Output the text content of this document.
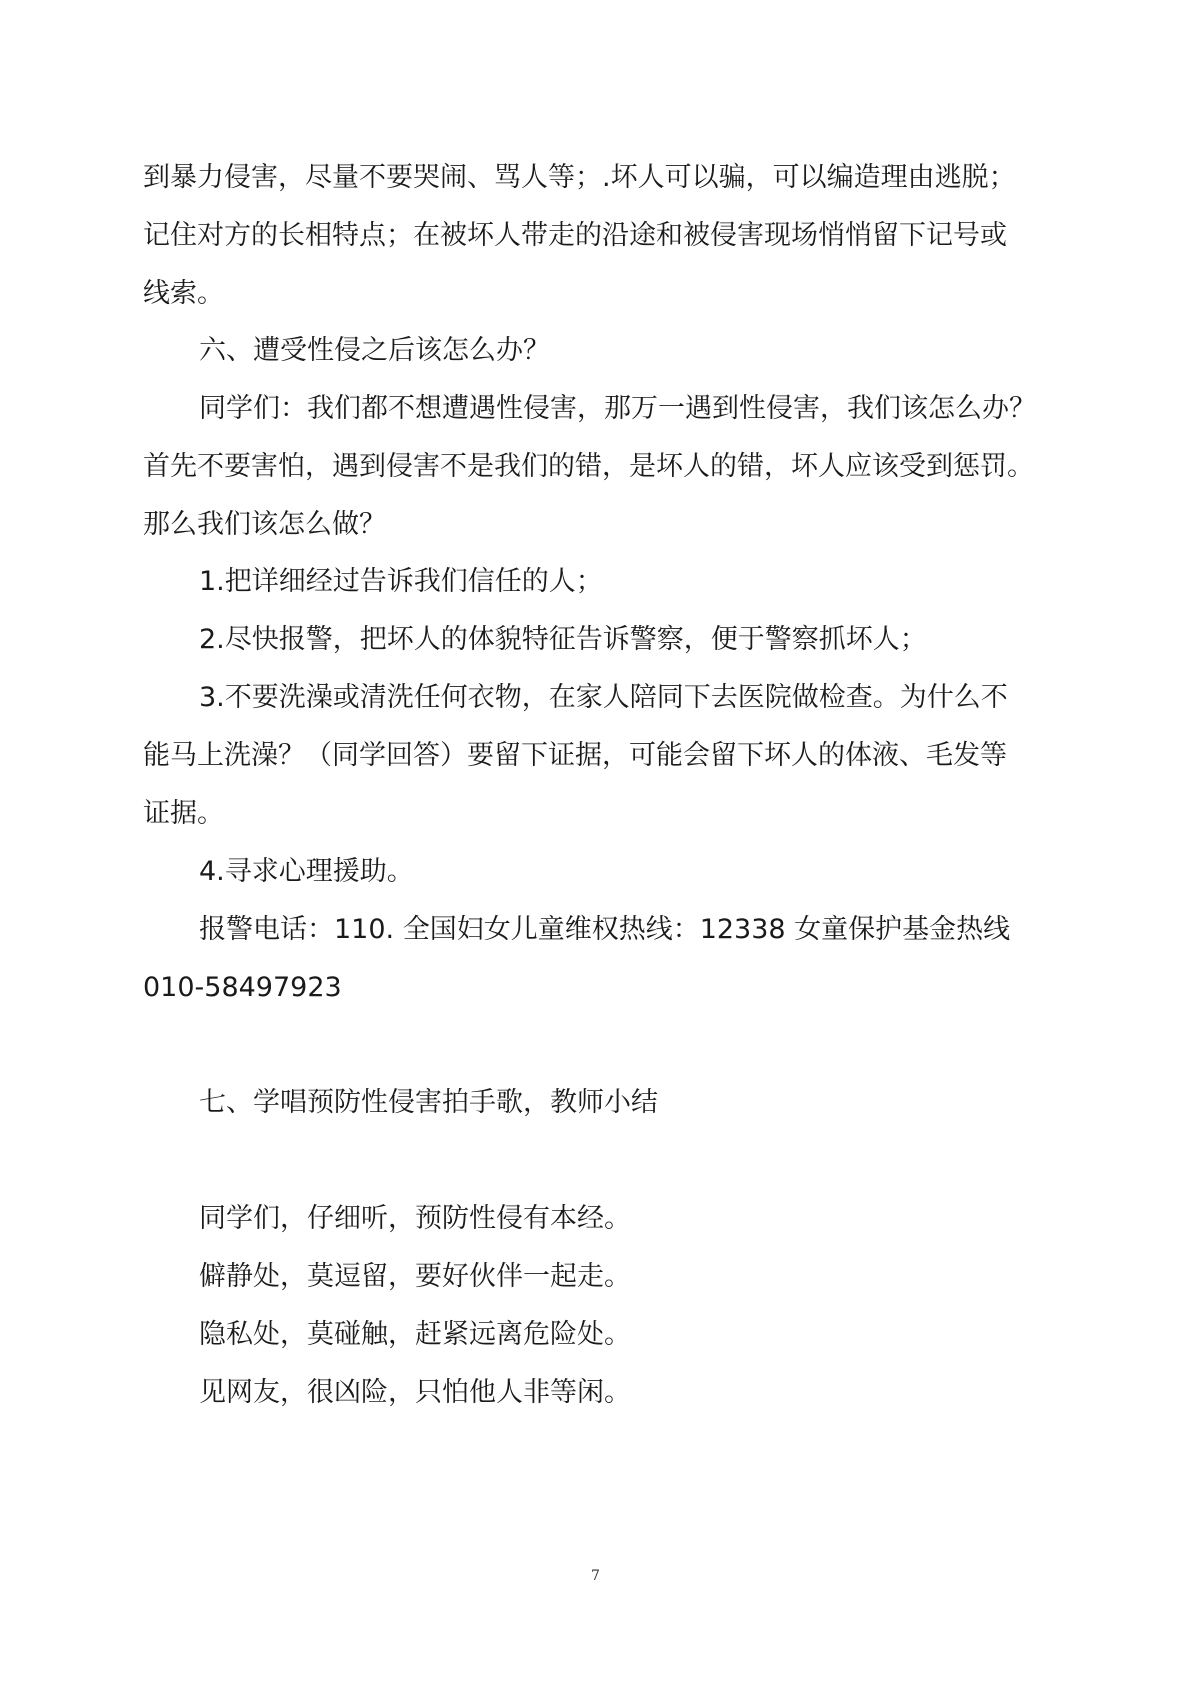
到暴力侵害，尽量不要哭闹、骂人等；.坏人可以骗，可以编造理由逃脱；
记住对方的长相特点；在被坏人带走的沿途和被侵害现场悄悄留下记号或
线索。
六、遭受性侵之后该怎么办？
同学们：我们都不想遭遇性侵害，那万一遇到性侵害，我们该怎么办？
首先不要害怕，遇到侵害不是我们的错，是坏人的错，坏人应该受到惩罚。
那么我们该怎么做？
1.把详细经过告诉我们信任的人；
2.尽快报警，把坏人的体貌特征告诉警察，便于警察抓坏人；
3.不要洗澡或清洗任何衣物，在家人陪同下去医院做检查。为什么不
能马上洗澡？（同学回答）要留下证据，可能会留下坏人的体液、毛发等
证据。
4.寻求心理援助。
报警电话：110. 全国妇女儿童维权热线：12338 女童保护基金热线
010-58497923
七、学唱预防性侵害拍手歌，教师小结
同学们，仔细听，预防性侵有本经。
僻静处，莫逗留，要好伙伴一起走。
隐私处，莫碰触，赶紧远离危险处。
见网友，很凶险，只怕他人非等闲。
7
